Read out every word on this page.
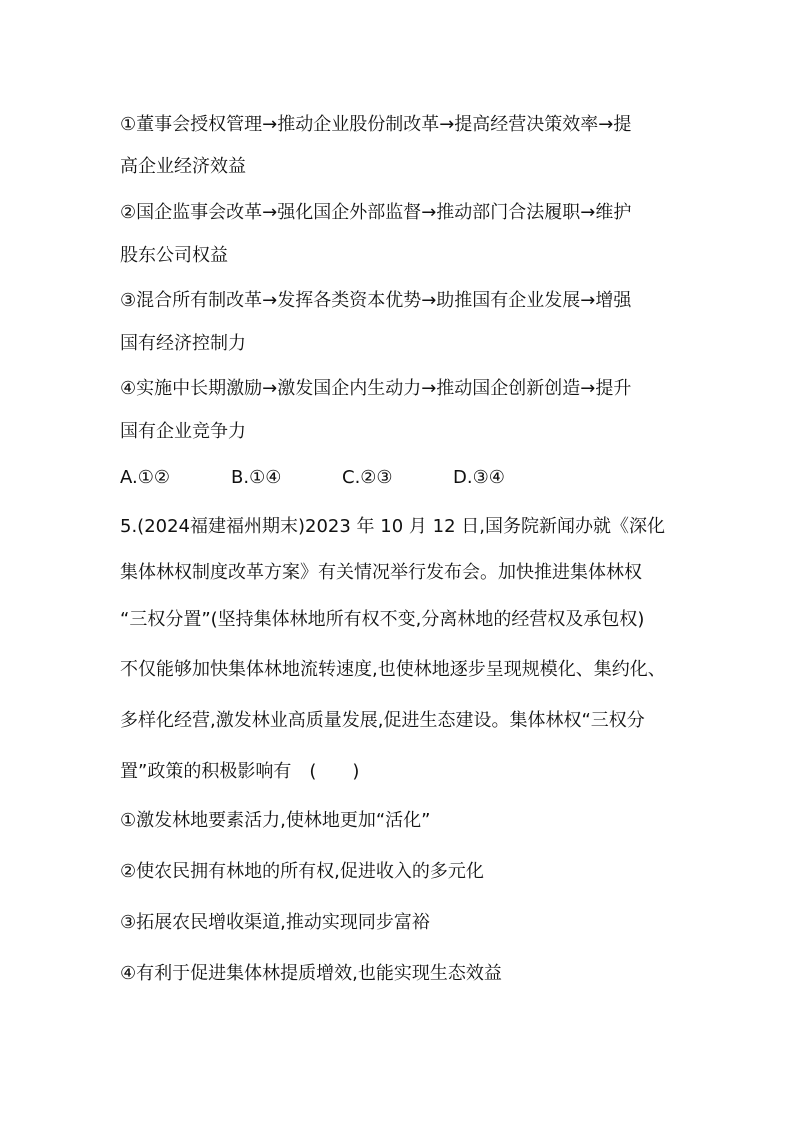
①董事会授权管理→推动企业股份制改革→提高经营决策效率→提
高企业经济效益
②国企监事会改革→强化国企外部监督→推动部门合法履职→维护
股东公司权益
③混合所有制改革→发挥各类资本优势→助推国有企业发展→增强
国有经济控制力
④实施中长期激励→激发国企内生动力→推动国企创新创造→提升
国有企业竞争力
A.①②	B.①④	C.②③	D.③④
5.(2024福建福州期末)2023 年 10 月 12 日,国务院新闻办就《深化
集体林权制度改革方案》有关情况举行发布会。加快推进集体林权
“三权分置”(坚持集体林地所有权不变,分离林地的经营权及承包权)
不仅能够加快集体林地流转速度,也使林地逐步呈现规模化、集约化、
多样化经营,激发林业高质量发展,促进生态建设。集体林权“三权分
置”政策的积极影响有　(　　)
①激发林地要素活力,使林地更加“活化”
②使农民拥有林地的所有权,促进收入的多元化
③拓展农民增收渠道,推动实现同步富裕
④有利于促进集体林提质增效,也能实现生态效益
